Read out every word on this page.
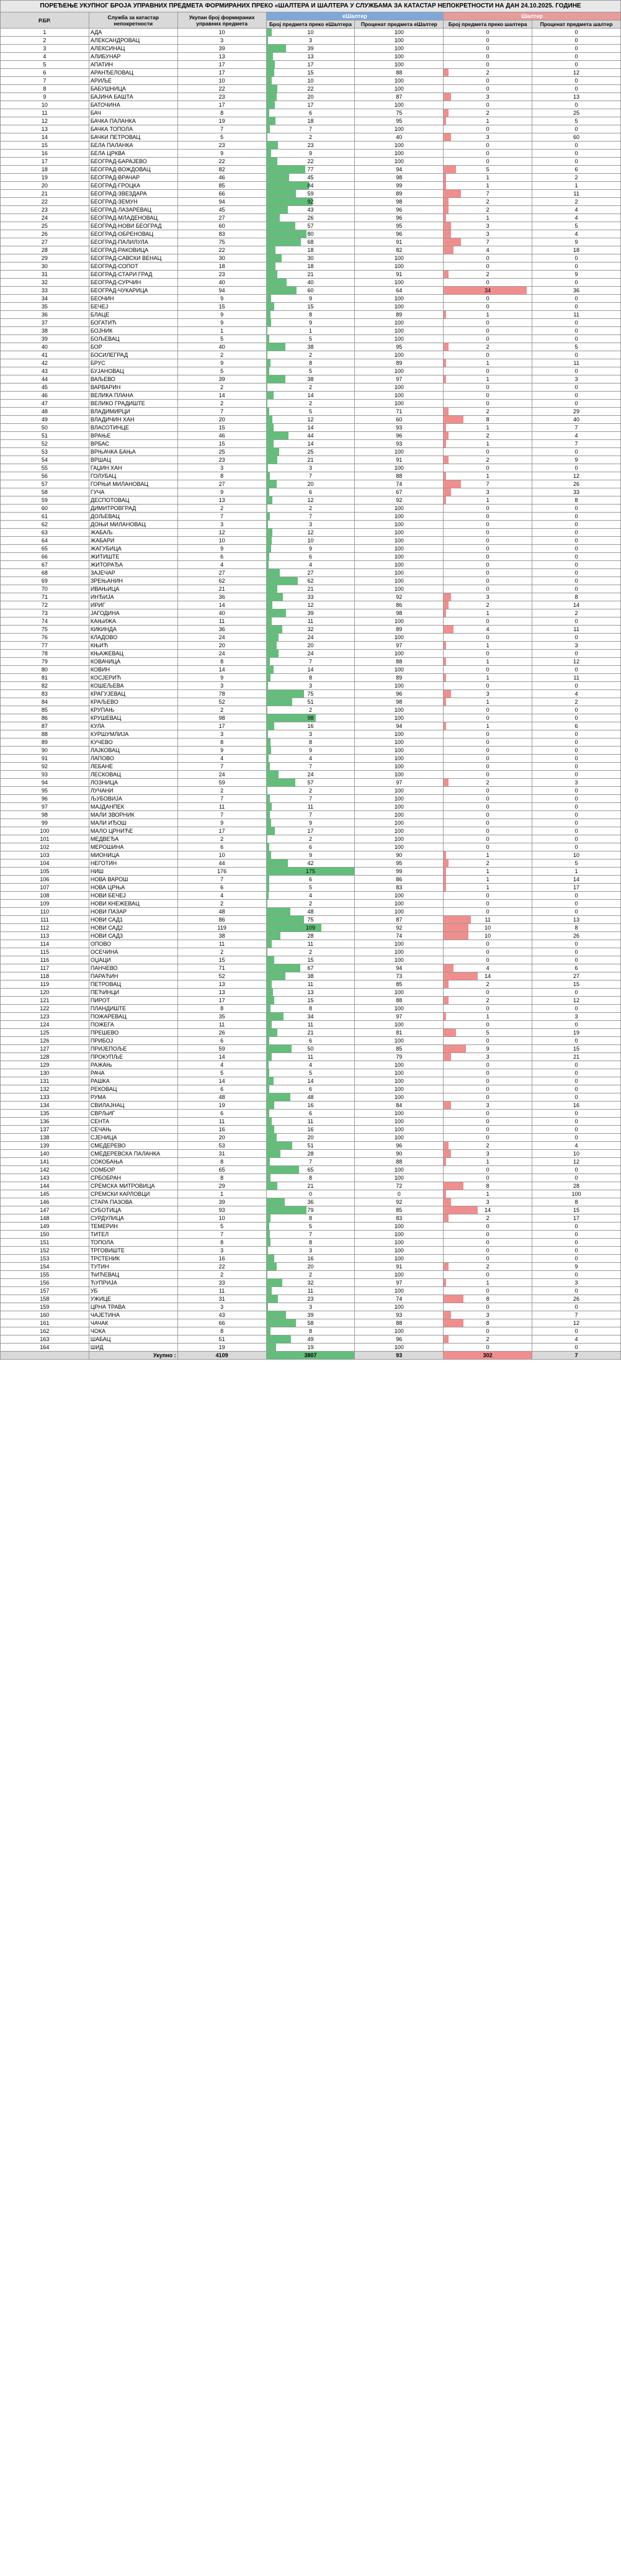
ПОРЕЂЕЊЕ УКУПНОГ БРОЈА УПРАВНИХ ПРЕДМЕТА ФОРМИРАНИХ ПРЕКО «ШАЛТЕРА И ШАЛТЕРА У СЛУЖБАМА ЗА КАТАСТАР НЕПОКРЕТНОСТИ НА ДАН 24.10.2025. ГОДИНЕ						
Р.БР.	Служба за катастар непокретности	Укупан број формираних управних предмета	eШалтер		Шалтер	
			Број предмета преко eШалтера	Проценат предмета еШалтер	Број предмета преко шалтера	Проценат предмета шалтер
1	АДА	10	10	100	0	0
2	АЛЕКСАНДРОВАЦ	3	3	100	0	0
3	АЛЕКСИНАЦ	39	39	100	0	0
4	АЛИБУНАР	13	13	100	0	0
5	АПАТИН	17	17	100	0	0
6	АРАНЂЕЛОВАЦ	17	15	88	2	12
7	АРИЉЕ	10	10	100	0	0
8	БАБУШНИЦА	22	22	100	0	0
9	БАЈИНА БАШТА	23	20	87	3	13
10	БАТОЧИНА	17	17	100	0	0
11	БАЧ	8	6	75	2	25
12	БАЧКА ПАЛАНКА	19	18	95	1	5
13	БАЧКА ТОПОЛА	7	7	100	0	0
14	БАЧКИ ПЕТРОВАЦ	5	2	40	3	60
15	БЕЛА ПАЛАНКА	23	23	100	0	0
16	БЕЛА ЦРКВА	9	9	100	0	0
17	БЕОГРАД-БАРАЈЕВО	22	22	100	0	0
18	БЕОГРАД-ВОЖДОВАЦ	82	77	94	5	6
19	БЕОГРАД-ВРАЧАР	46	45	98	1	2
20	БЕОГРАД-ГРОЦКА	85	84	99	1	1
21	БЕОГРАД-ЗВЕЗДАРА	66	59	89	7	11
22	БЕОГРАД-ЗЕМУН	94	92	98	2	2
23	БЕОГРАД-ЛАЗАРЕВАЦ	45	43	96	2	4
24	БЕОГРАД-МЛАДЕНОВАЦ	27	26	96	1	4
25	БЕОГРАД-НОВИ БЕОГРАД	60	57	95	3	5
26	БЕОГРАД-ОБРЕНОВАЦ	83	80	96	3	4
27	БЕОГРАД-ПАЛИЛУЛА	75	68	91	7	9
28	БЕОГРАД-РАКОВИЦА	22	18	82	4	18
29	БЕОГРАД-САВСКИ ВЕНАЦ	30	30	100	0	0
30	БЕОГРАД-СОПОТ	18	18	100	0	0
31	БЕОГРАД-СТАРИ ГРАД	23	21	91	2	9
32	БЕОГРАД-СУРЧИН	40	40	100	0	0
33	БЕОГРАД-ЧУКАРИЦА	94	60	64	34	36
34	БЕОЧИН	9	9	100	0	0
35	БЕЧЕЈ	15	15	100	0	0
36	БЛАЦЕ	9	8	89	1	11
37	БОГАТИЋ	9	9	100	0	0
38	БОЈНИК	1	1	100	0	0
39	БОЉЕВАЦ	5	5	100	0	0
40	БОР	40	38	95	2	5
41	БОСИЛЕГРАД	2	2	100	0	0
42	БРУС	9	8	89	1	11
43	БУЈАНОВАЦ	5	5	100	0	0
44	ВАЉЕВО	39	38	97	1	3
45	ВАРВАРИН	2	2	100	0	0
46	ВЕЛИКА ПЛАНА	14	14	100	0	0
47	ВЕЛИКО ГРАДИШТЕ	2	2	100	0	0
48	ВЛАДИМИРЦИ	7	5	71	2	29
49	ВЛАДИЧИН ХАН	20	12	60	8	40
50	ВЛАСОТИНЦЕ	15	14	93	1	7
51	ВРАЊЕ	46	44	96	2	4
52	ВРБАС	15	14	93	1	7
53	ВРЊАЧКА БАЊА	25	25	100	0	0
54	ВРШАЦ	23	21	91	2	9
55	ГАЏИН ХАН	3	3	100	0	0
56	ГОЛУБАЦ	8	7	88	1	12
57	ГОРЊИ МИЛАНОВАЦ	27	20	74	7	26
58	ГУЧА	9	6	67	3	33
59	ДЕСПОТОВАЦ	13	12	92	1	8
60	ДИМИТРОВГРАД	2	2	100	0	0
61	ДОЉЕВАЦ	7	7	100	0	0
62	ДОЊИ МИЛАНОВАЦ	3	3	100	0	0
63	ЖАБАЉ	12	12	100	0	0
64	ЖАБАРИ	10	10	100	0	0
65	ЖАГУБИЦА	9	9	100	0	0
66	ЖИТИШТЕ	6	6	100	0	0
67	ЖИТОРАЂА	4	4	100	0	0
68	ЗАЈЕЧАР	27	27	100	0	0
69	ЗРЕЊАНИН	62	62	100	0	0
70	ИВАЊИЦА	21	21	100	0	0
71	ИНЂИЈА	36	33	92	3	8
72	ИРИГ	14	12	86	2	14
73	ЈАГОДИНА	40	39	98	1	2
74	КАЊИЖА	11	11	100	0	0
75	КИКИНДА	36	32	89	4	11
76	КЛАДОВО	24	24	100	0	0
77	КЊИЋ	20	20	97	1	3
78	КЊАЖЕВАЦ	24	24	100	0	0
79	КОВАЧИЦА	8	7	88	1	12
80	КОВИН	14	14	100	0	0
81	КОСЈЕРИЋ	9	8	89	1	11
82	КОШЕЉЕВА	3	3	100	0	0
83	КРАГУЈЕВАЦ	78	75	96	3	4
84	КРАЉЕВО	52	51	98	1	2
85	КРУПАЊ	2	2	100	0	0
86	КРУШЕВАЦ	98	98	100	0	0
87	КУЛА	17	16	94	1	6
88	КУРШУМЛИЈА	3	3	100	0	0
89	КУЧЕВО	8	8	100	0	0
90	ЛАЈКОВАЦ	9	9	100	0	0
91	ЛАПОВО	4	4	100	0	0
92	ЛЕБАНЕ	7	7	100	0	0
93	ЛЕСКОВАЦ	24	24	100	0	0
94	ЛОЗНИЦА	59	57	97	2	3
95	ЛУЧАНИ	2	2	100	0	0
96	ЉУБОВИЈА	7	7	100	0	0
97	МАЈДАНПЕК	11	11	100	0	0
98	МАЛИ ЗВОРНИК	7	7	100	0	0
99	МАЛИ ИЂОШ	9	9	100	0	0
100	МАЛО ЦРНИЋЕ	17	17	100	0	0
101	МЕДВЕЂА	2	2	100	0	0
102	МЕРОШИНА	6	6	100	0	0
103	МИОНИЦА	10	9	90	1	10
104	НЕГОТИН	44	42	95	2	5
105	НИШ	176	175	99	1	1
106	НОВА ВАРОШ	7	6	86	1	14
107	НОВА ЦРЊА	6	5	83	1	17
108	НОВИ БЕЧЕЈ	4	4	100	0	0
109	НОВИ КНЕЖЕВАЦ	2	2	100	0	0
110	НОВИ ПАЗАР	48	48	100	0	0
111	НОВИ САД1	86	75	87	11	13
112	НОВИ САД2	119	109	92	10	8
113	НОВИ САД3	38	28	74	10	26
114	ОПОВО	11	11	100	0	0
115	ОСЕЧИНА	2	2	100	0	0
116	ОЏАЦИ	15	15	100	0	0
117	ПАНЧЕВО	71	67	94	4	6
118	ПАРАЋИН	52	38	73	14	27
119	ПЕТРОВАЦ	13	11	85	2	15
120	ПЕЋИНЦИ	13	13	100	0	0
121	ПИРОТ	17	15	88	2	12
122	ПЛАНДИШТЕ	8	8	100	0	0
123	ПОЖАРЕВАЦ	35	34	97	1	3
124	ПОЖЕГА	11	11	100	0	0
125	ПРЕШЕВО	26	21	81	5	19
126	ПРИБОЈ	6	6	100	0	0
127	ПРИЈЕПОЉЕ	59	50	85	9	15
128	ПРОКУПЉЕ	14	11	79	3	21
129	РАЖАЊ	4	4	100	0	0
130	РАЧА	5	5	100	0	0
131	РАШКА	14	14	100	0	0
132	РЕКОВАЦ	6	6	100	0	0
133	РУМА	48	48	100	0	0
134	СВИЛАЈНАЦ	19	16	84	3	16
135	СВРЉИГ	6	6	100	0	0
136	СЕНТА	11	11	100	0	0
137	СЕЧАЊ	16	16	100	0	0
138	СЈЕНИЦА	20	20	100	0	0
139	СМЕДЕРЕВО	53	51	96	2	4
140	СМЕДЕРЕВСКА ПАЛАНКА	31	28	90	3	10
141	СОКОБАЊА	8	7	88	1	12
142	СОМБОР	65	65	100	0	0
143	СРБОБРАН	8	8	100	0	0
144	СРЕМСКА МИТРОВИЦА	29	21	72	8	28
145	СРЕМСКИ КАРЛОВЦИ	1	0	0	1	100
146	СТАРА ПАЗОВА	39	36	92	3	8
147	СУБОТИЦА	93	79	85	14	15
148	СУРДУЛИЦА	10	8	83	2	17
149	ТЕМЕРИН	5	5	100	0	0
150	ТИТЕЛ	7	7	100	0	0
151	ТОПОЛА	8	8	100	0	0
152	ТРГОВИШТЕ	3	3	100	0	0
153	ТРСТЕНИК	16	16	100	0	0
154	ТУТИН	22	20	91	2	9
155	ЋИЋЕВАЦ	2	2	100	0	0
156	ЋУПРИЈА	33	32	97	1	3
157	УБ	11	11	100	0	0
158	УЖИЦЕ	31	23	74	8	26
159	ЦРНА ТРАВА	3	3	100	0	0
160	ЧАЈЕТИНА	43	39	93	3	7
161	ЧАЧАК	66	58	88	8	12
162	ЧОКА	8	8	100	0	0
163	ШАБАЦ	51	49	96	2	4
164	ШИД	19	19	100	0	0
	Укупно :	4109	3807	93	302	7
